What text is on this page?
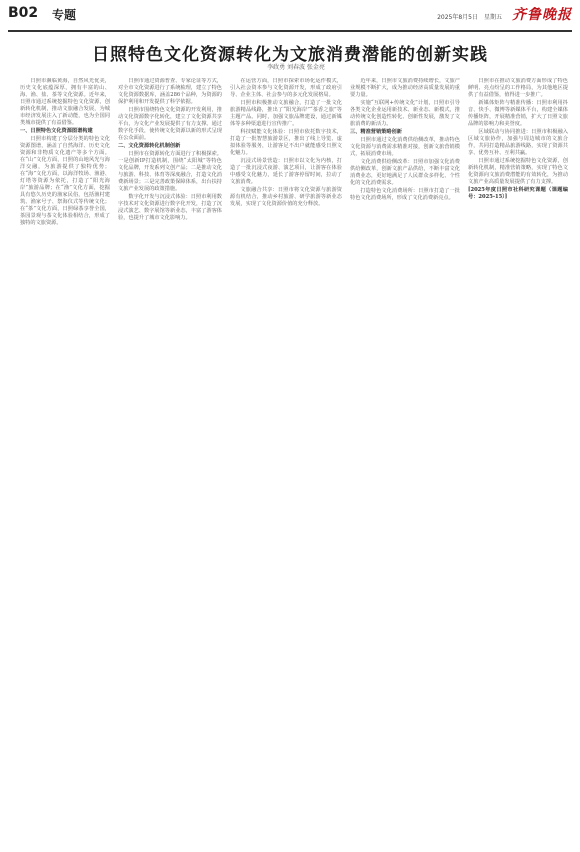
B02 专题	2025年8月5日 星期五 齐鲁晚报
日照特色文化资源转化为文旅消费潜能的创新实践
李政勇 刘春波 张金亮

日照市濒临黄海，自然风光优美，历史文化底蕴深厚，拥有丰富的山、海、渔、盐、茶等文化资源。近年来，日照市通过系统挖掘特色文化资源，创新转化机制，推动文旅融合发展，为城市经济发展注入了新动能，也为全国同类城市提供了有益借鉴。

一、日照特色文化资源图谱构建

日照市构建了分层分类的特色文化资源图谱，涵盖了自然海洋、历史文化资源和非物质文化遗产等多个方面。在“山”文化方面，日照的山地风光与海洋交融，为旅游提供了独特优势；在“海”文化方面，以海洋牧场、渔港、灯塔等资源为依托，打造了“阳光海岸”旅游品牌；在“渔”文化方面，挖掘具有悠久历史的渔家民俗，包括渔村建筑、渔家号子、祭海仪式等传统文化；在“茶”文化方面，日照绿茶享誉全国，茶园景观与茶文化体验相结合，形成了独特的文旅资源。

日照市通过资源普查、专家论证等方式，对全市文化资源进行了系统梳理，建立了特色文化资源数据库，涵盖286个品种，为资源的保护利用和开发提供了科学依据。

日照市围绕特色文化资源的开发利用，推动文化资源数字化转化，建立了文化资源共享平台，为文化产业发展提供了有力支撑。通过数字化手段，使传统文化资源以新的形式呈现在公众面前。

二、文化资源转化机制创新

日照市在资源转化方面进行了积极探索。一是创新IP打造机制，围绕“太阳城”等特色文化品牌，开发系列文创产品；二是推动文化与旅游、科技、体育等深度融合，打造文化消费新场景；三是完善政策保障体系，出台扶持文旅产业发展的政策措施。

数字化开发与沉浸式体验：日照市利用数字技术对文化资源进行数字化开发，打造了沉浸式演艺、数字展馆等新业态，丰富了游客体验，也提升了城市文化影响力。

在运营方面，日照市探索市场化运作模式，引入社会资本参与文化资源开发，形成了政府引导、企业主体、社会参与的多元化发展格局。

日照市积极推动文旅融合，打造了一批文化旅游精品线路，推出了“阳光海岸”“茶香之旅”等主题产品。同时，加强文旅品牌建设，通过新媒体等多种渠道进行宣传推广。

科技赋能文化体验：日照市依托数字技术，打造了一批智慧旅游景区，推出了线上导览、虚拟体验等服务，让游客足不出户就能感受日照文化魅力。

沉浸式场景营造：日照市以文化为内核，打造了一批沉浸式夜游、演艺项目，让游客在体验中感受文化魅力，延长了游客停留时间，拉动了文旅消费。

文旅融合共享：日照市将文化资源与旅游资源有机结合，推动乡村旅游、研学旅游等新业态发展，实现了文化资源价值的充分释放。

近年来，日照市文旅消费持续增长，文旅产业规模不断扩大，成为推动经济高质量发展的重要力量。

实施“互联网+传统文化”计划，日照市引导各类文化企业运用新技术、新业态、新模式，推动传统文化创造性转化、创新性发展，激发了文旅消费的新活力。

三、精准营销策略创新

日照市通过文化消费供给侧改革，推动特色文化资源与消费需求精准对接，创新文旅营销模式，拓展消费市场。

文化消费供给侧改革：日照市加强文化消费供给侧改革，创新文旅产品供给，不断丰富文化消费业态，更好地满足了人民群众多样化、个性化的文化消费需求。

打造特色文化消费场所：日照市打造了一批特色文化消费场所，形成了文化消费新亮点。

日照市在推动文旅消费方面形成了特色鲜明、亮点纷呈的工作格局，为其他地区提供了有益借鉴，值得进一步推广。

新媒体矩阵与精准传播：日照市利用抖音、快手、微博等新媒体平台，构建全媒体传播矩阵，开展精准营销，扩大了日照文旅品牌的影响力和美誉度。

区域联动与协同推进：日照市积极融入区域文旅协作，加强与周边城市的文旅合作，共同打造精品旅游线路，实现了资源共享、优势互补、互利共赢。

日照市通过系统挖掘特色文化资源，创新转化机制，精准营销策略，实现了特色文化资源向文旅消费潜能的有效转化，为推动文旅产业高质量发展提供了有力支撑。

[2025年度日照市社科研究课题（课题编号：2025-15）]
